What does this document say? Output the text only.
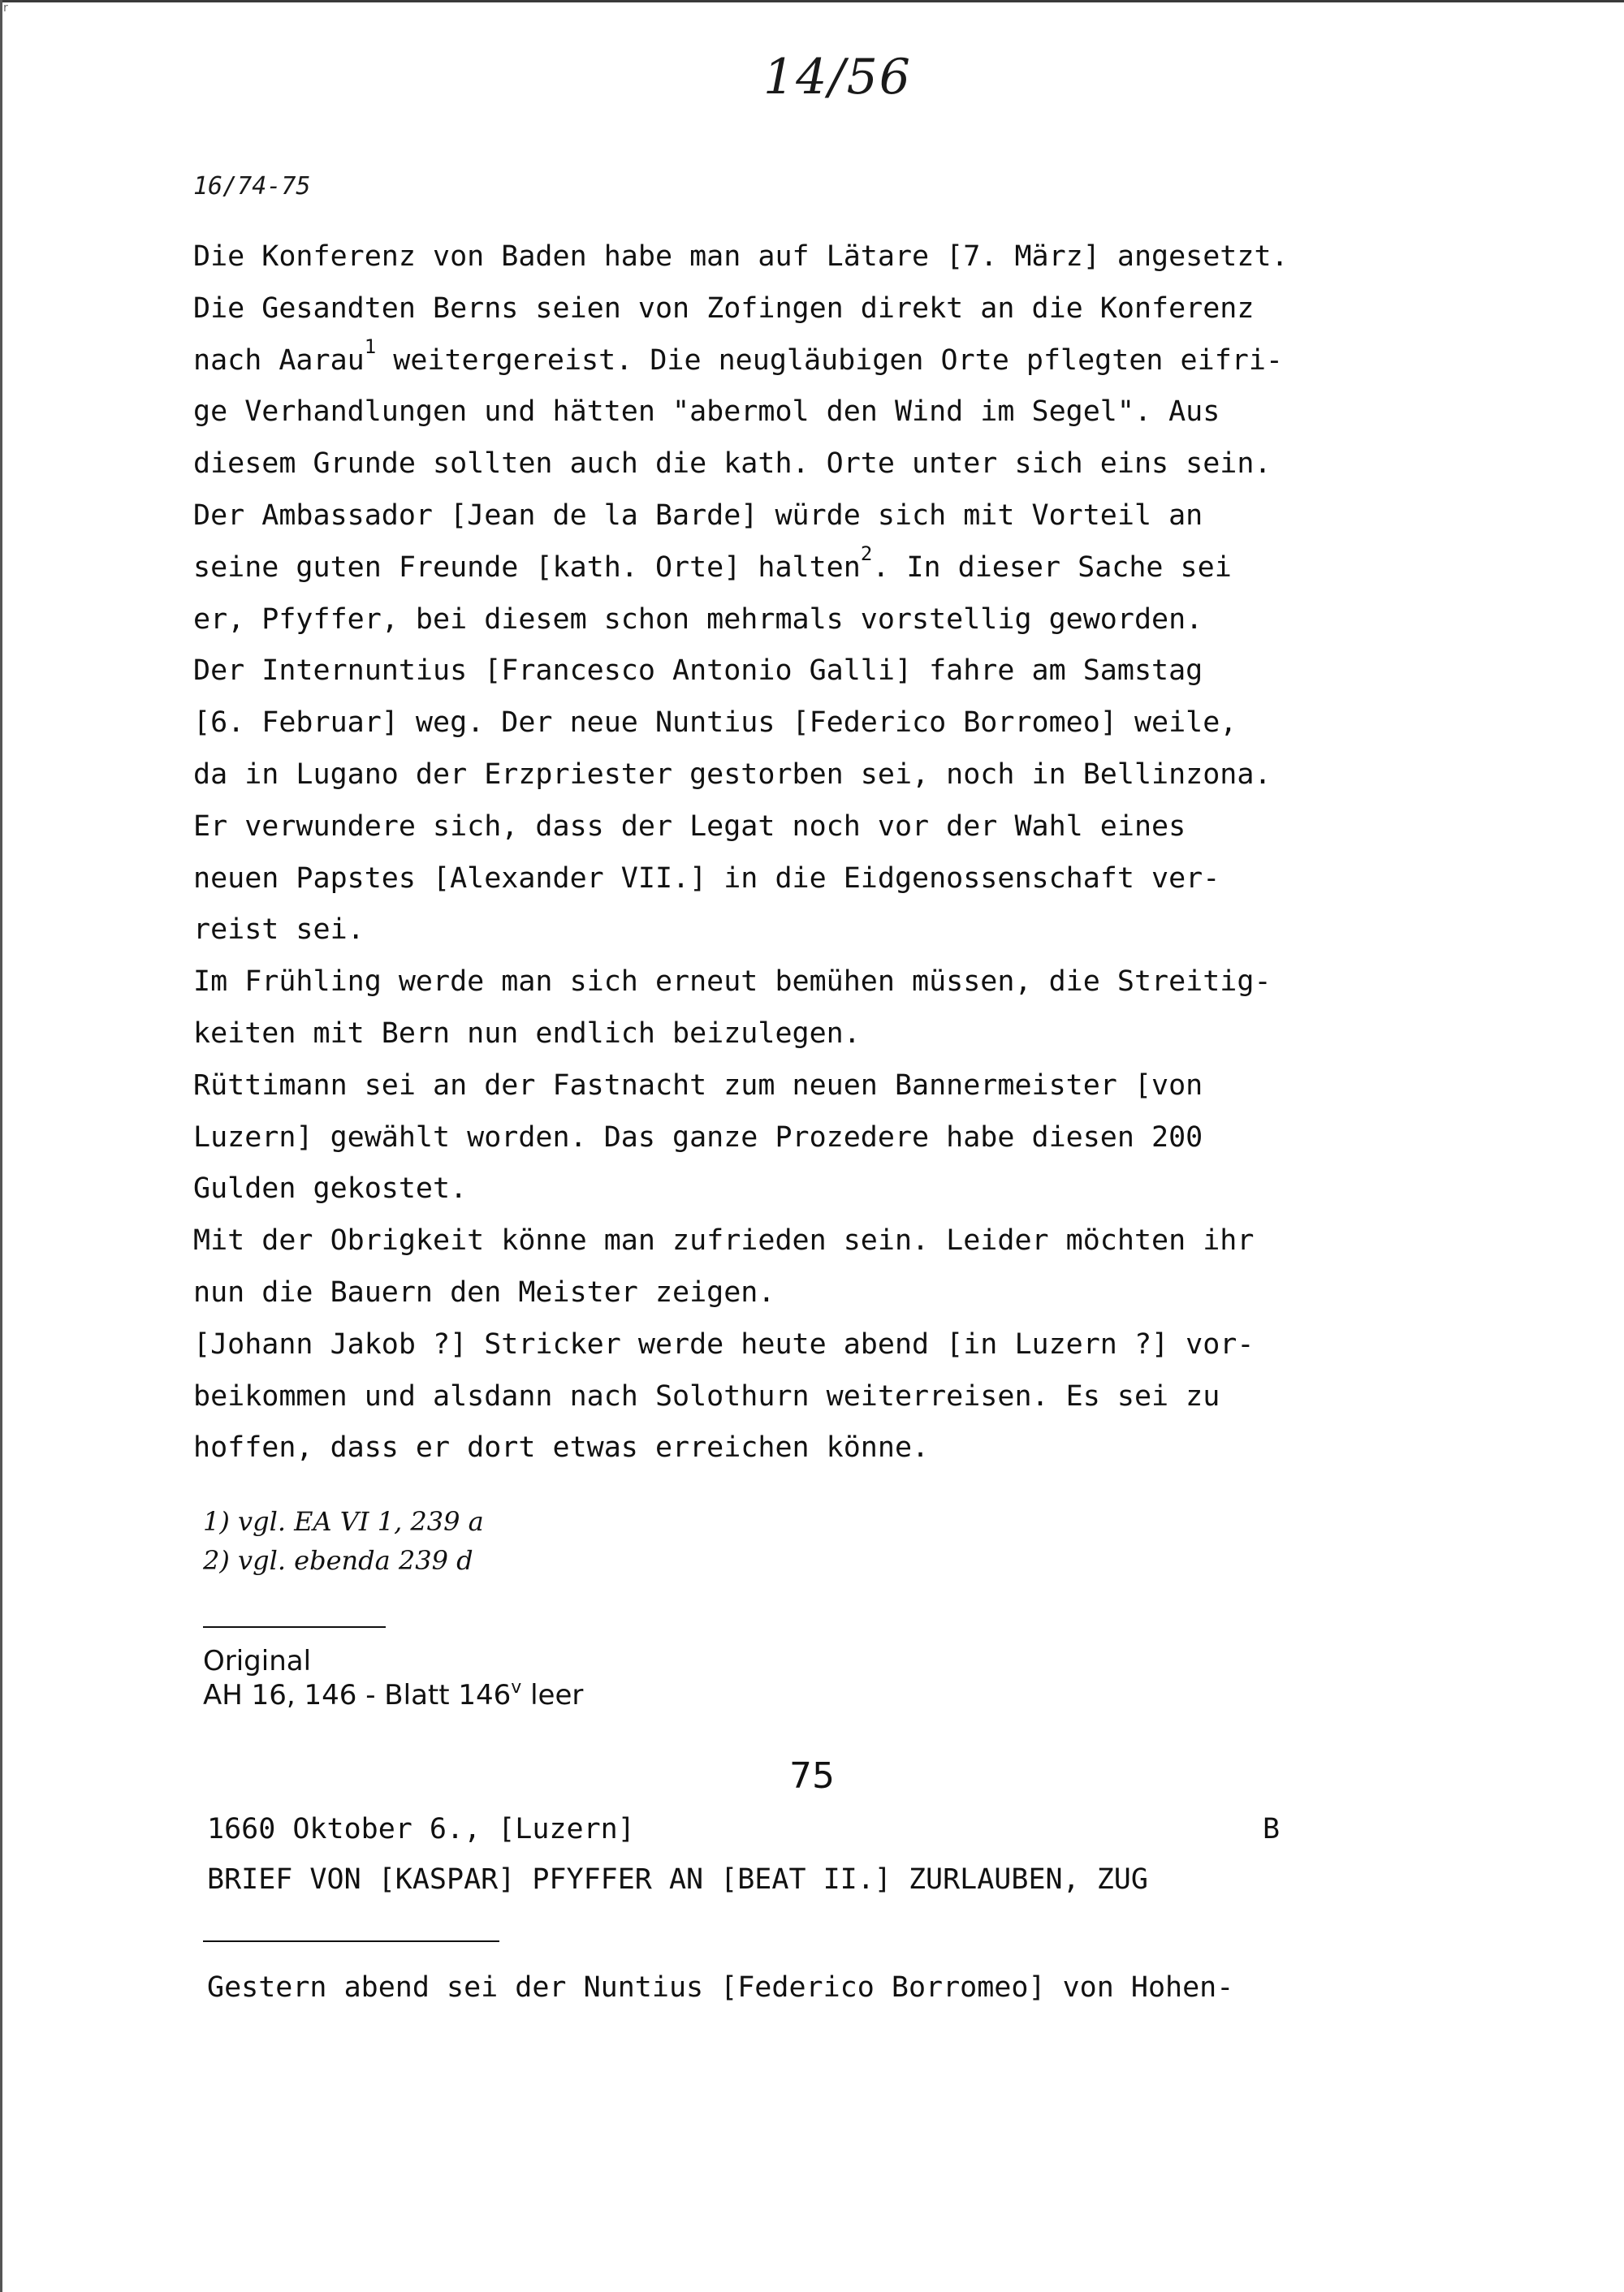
r
14/56
16/74-75
Die Konferenz von Baden habe man auf Lätare [7. März] angesetzt.
Die Gesandten Berns seien von Zofingen direkt an die Konferenz
nach Aarau$^1$ weitergereist. Die neugläubigen Orte pflegten eifri-
ge Verhandlungen und hätten "abermol den Wind im Segel". Aus
diesem Grunde sollten auch die kath. Orte unter sich eins sein.
Der Ambassador [Jean de la Barde] würde sich mit Vorteil an
seine guten Freunde [kath. Orte] halten$^2$. In dieser Sache sei
er, Pfyffer, bei diesem schon mehrmals vorstellig geworden.
Der Internuntius [Francesco Antonio Galli] fahre am Samstag
[6. Februar] weg. Der neue Nuntius [Federico Borromeo] weile,
da in Lugano der Erzpriester gestorben sei, noch in Bellinzona.
Er verwundere sich, dass der Legat noch vor der Wahl eines
neuen Papstes [Alexander VII.] in die Eidgenossenschaft ver-
reist sei.
Im Frühling werde man sich erneut bemühen müssen, die Streitig-
keiten mit Bern nun endlich beizulegen.
Rüttimann sei an der Fastnacht zum neuen Bannermeister [von
Luzern] gewählt worden. Das ganze Prozedere habe diesen 200
Gulden gekostet.
Mit der Obrigkeit könne man zufrieden sein. Leider möchten ihr
nun die Bauern den Meister zeigen.
[Johann Jakob ?] Stricker werde heute abend [in Luzern ?] vor-
beikommen und alsdann nach Solothurn weiterreisen. Es sei zu
hoffen, dass er dort etwas erreichen könne.
1) vgl. EA VI 1, 239 a
2) vgl. ebenda 239 d
Original
AH 16, 146 - Blatt 146$^v$ leer
75
1660 Oktober 6., [Luzern]	B
BRIEF VON [KASPAR] PFYFFER AN [BEAT II.] ZURLAUBEN, ZUG
Gestern abend sei der Nuntius [Federico Borromeo] von Hohen-
